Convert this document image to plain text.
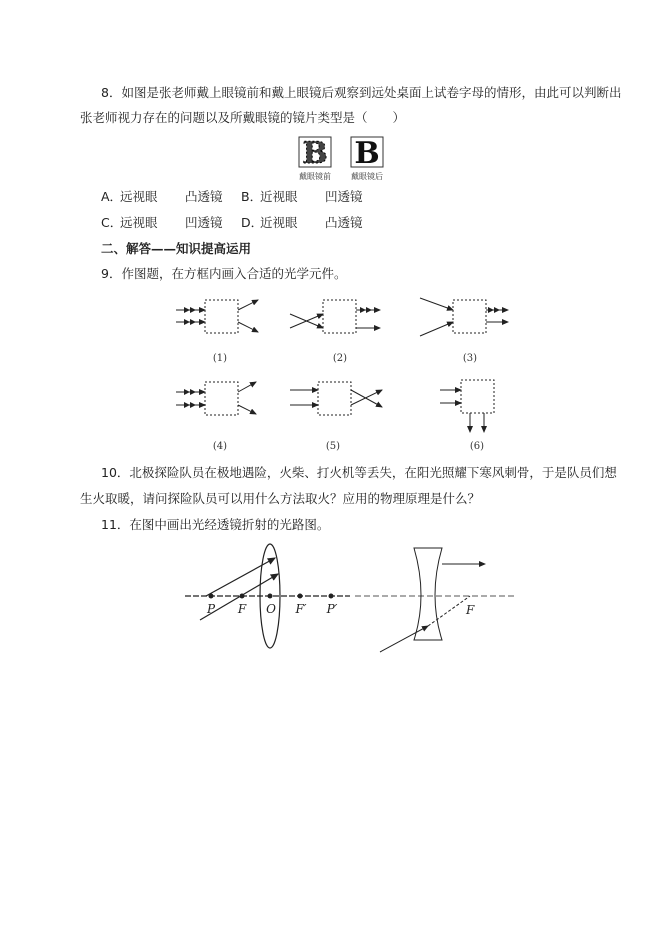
8．如图是张老师戴上眼镜前和戴上眼镜后观察到远处桌面上试卷字母的情形，由此可以判断出
张老师视力存在的问题以及所戴眼镜的镜片类型是（　　）
B B
戴眼镜前	戴眼镜后
A．
远视眼 凸透镜 B．
近视眼 凹透镜
C．
远视眼 凹透镜 D．
近视眼 凸透镜
二、解答——知识提高运用
9．作图题，在方框内画入合适的光学元件。
(1)	(2)	(3)
(4)	(5)	(6)
10．北极探险队员在极地遇险，火柴、打火机等丢失，在阳光照耀下寒风刺骨，于是队员们想
生火取暖，请问探险队员可以用什么方法取火？应用的物理原理是什么？
11．在图中画出光经透镜折射的光路图。
P F O F′ P′	F
